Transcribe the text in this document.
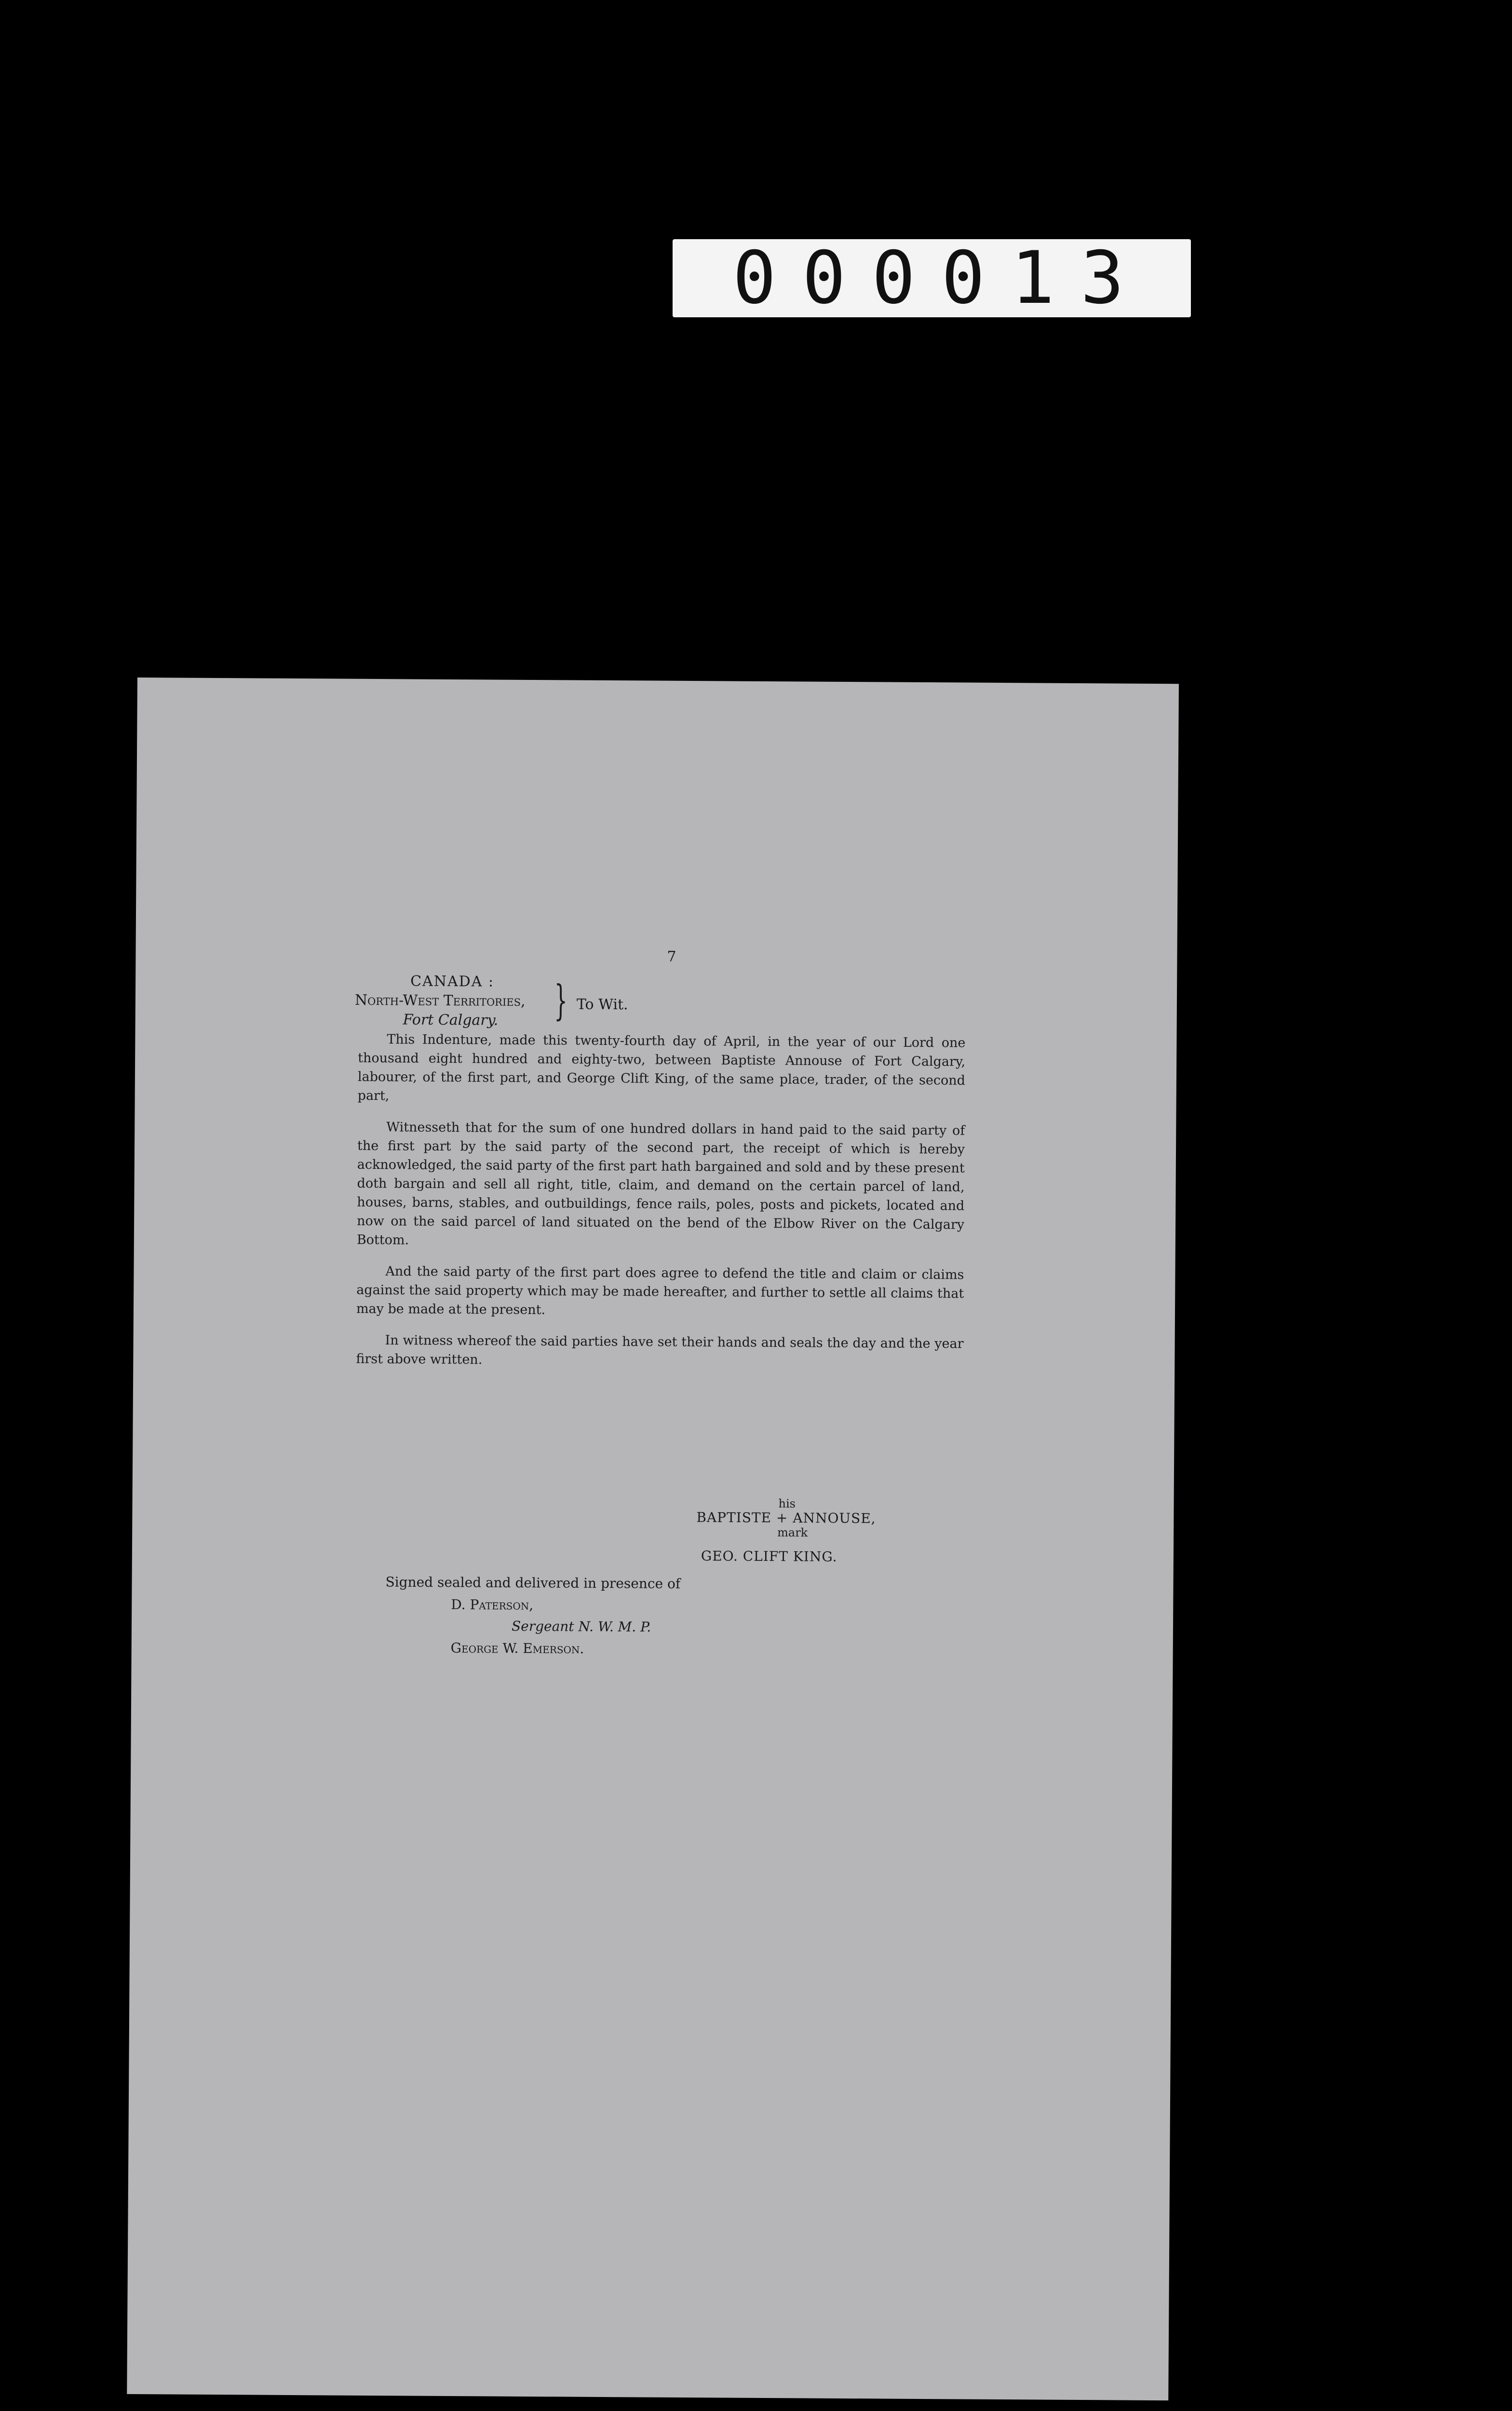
000013
7
CANADA :
North-West Territories,
Fort Calgary.	} To Wit.

This Indenture, made this twenty-fourth day of April, in the year of our Lord one thousand eight hundred and eighty-two, between Baptiste Annouse of Fort Calgary, labourer, of the first part, and George Clift King, of the same place, trader, of the second part,

Witnesseth that for the sum of one hundred dollars in hand paid to the said party of the first part by the said party of the second part, the receipt of which is hereby acknowledged, the said party of the first part hath bargained and sold and by these present doth bargain and sell all right, title, claim, and demand on the certain parcel of land, houses, barns, stables, and outbuildings, fence rails, poles, posts and pickets, located and now on the said parcel of land situated on the bend of the Elbow River on the Calgary Bottom.

And the said party of the first part does agree to defend the title and claim or claims against the said property which may be made hereafter, and further to settle all claims that may be made at the present.

In witness whereof the said parties have set their hands and seals the day and the year first above written.

his
BAPTISTE + ANNOUSE,
mark
GEO. CLIFT KING.
Signed sealed and delivered in presence of
D. Paterson,
Sergeant N. W. M. P.
George W. Emerson.
